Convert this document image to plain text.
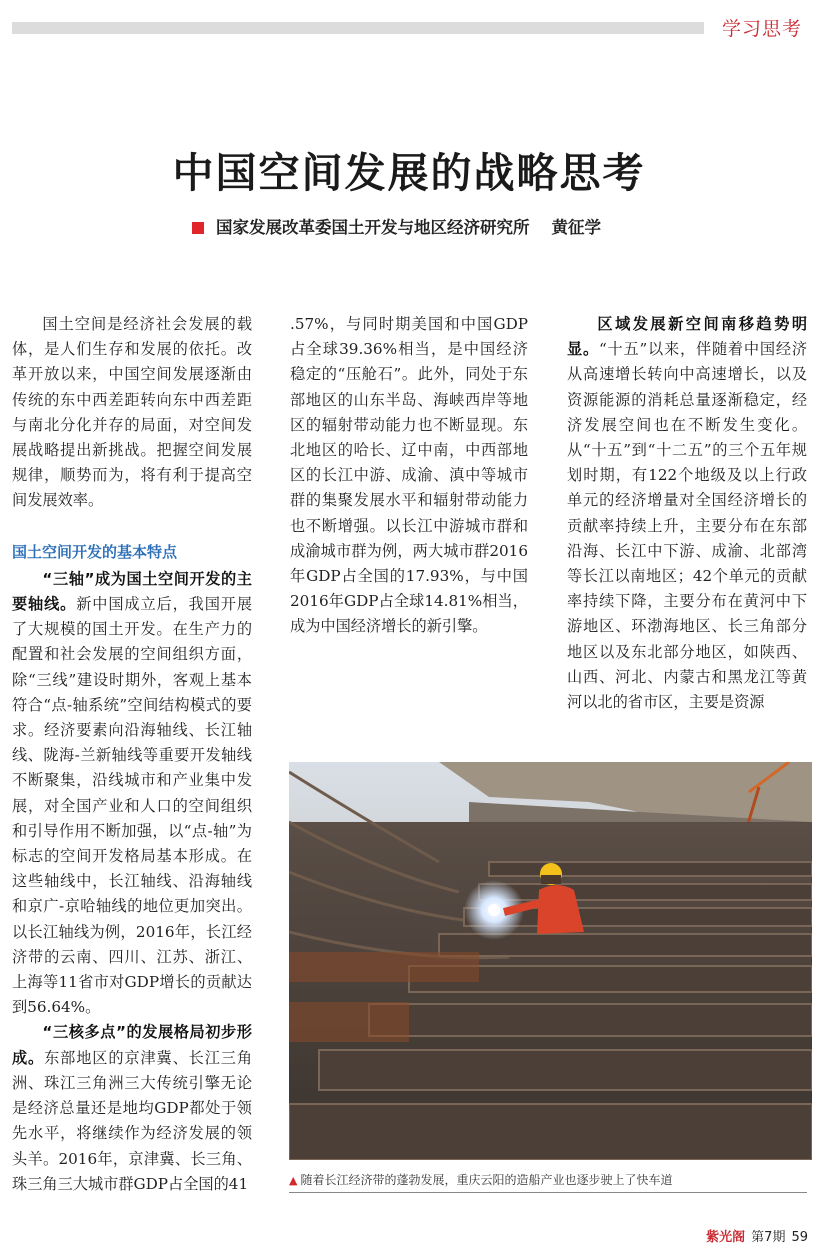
学习思考
中国空间发展的战略思考
国家发展改革委国土开发与地区经济研究所 黄征学

国土空间是经济社会发展的载体，是人们生存和发展的依托。改革开放以来，中国空间发展逐渐由传统的东中西差距转向东中西差距与南北分化并存的局面，对空间发展战略提出新挑战。把握空间发展规律，顺势而为，将有利于提高空间发展效率。

国土空间开发的基本特点

“三轴”成为国土空间开发的主要轴线。新中国成立后，我国开展了大规模的国土开发。在生产力的配置和社会发展的空间组织方面，除“三线”建设时期外，客观上基本符合“点-轴系统”空间结构模式的要求。经济要素向沿海轴线、长江轴线、陇海-兰新轴线等重要开发轴线不断聚集，沿线城市和产业集中发展，对全国产业和人口的空间组织和引导作用不断加强，以“点-轴”为标志的空间开发格局基本形成。在这些轴线中，长江轴线、沿海轴线和京广-京哈轴线的地位更加突出。以长江轴线为例，2016年，长江经济带的云南、四川、江苏、浙江、上海等11省市对GDP增长的贡献达到56.64%。

“三核多点”的发展格局初步形成。东部地区的京津冀、长江三角洲、珠江三角洲三大传统引擎无论是经济总量还是地均GDP都处于领先水平，将继续作为经济发展的领头羊。2016年，京津冀、长三角、珠三角三大城市群GDP占全国的41

.57%，与同时期美国和中国GDP占全球39.36%相当，是中国经济稳定的“压舱石”。此外，同处于东部地区的山东半岛、海峡西岸等地区的辐射带动能力也不断显现。东北地区的哈长、辽中南，中西部地区的长江中游、成渝、滇中等城市群的集聚发展水平和辐射带动能力也不断增强。以长江中游城市群和成渝城市群为例，两大城市群2016年GDP占全国的17.93%，与中国2016年GDP占全球14.81%相当，成为中国经济增长的新引擎。

区域发展新空间南移趋势明显。“十五”以来，伴随着中国经济从高速增长转向中高速增长，以及资源能源的消耗总量逐渐稳定，经济发展空间也在不断发生变化。从“十五”到“十二五”的三个五年规划时期，有122个地级及以上行政单元的经济增量对全国经济增长的贡献率持续上升，主要分布在东部沿海、长江中下游、成渝、北部湾等长江以南地区；42个单元的贡献率持续下降，主要分布在黄河中下游地区、环渤海地区、长三角部分地区以及东北部分地区，如陕西、山西、河北、内蒙古和黑龙江等黄河以北的省市区，主要是资源

▲ 随着长江经济带的蓬勃发展，重庆云阳的造船产业也逐步驶上了快车道
紫光阁 第7期 59
